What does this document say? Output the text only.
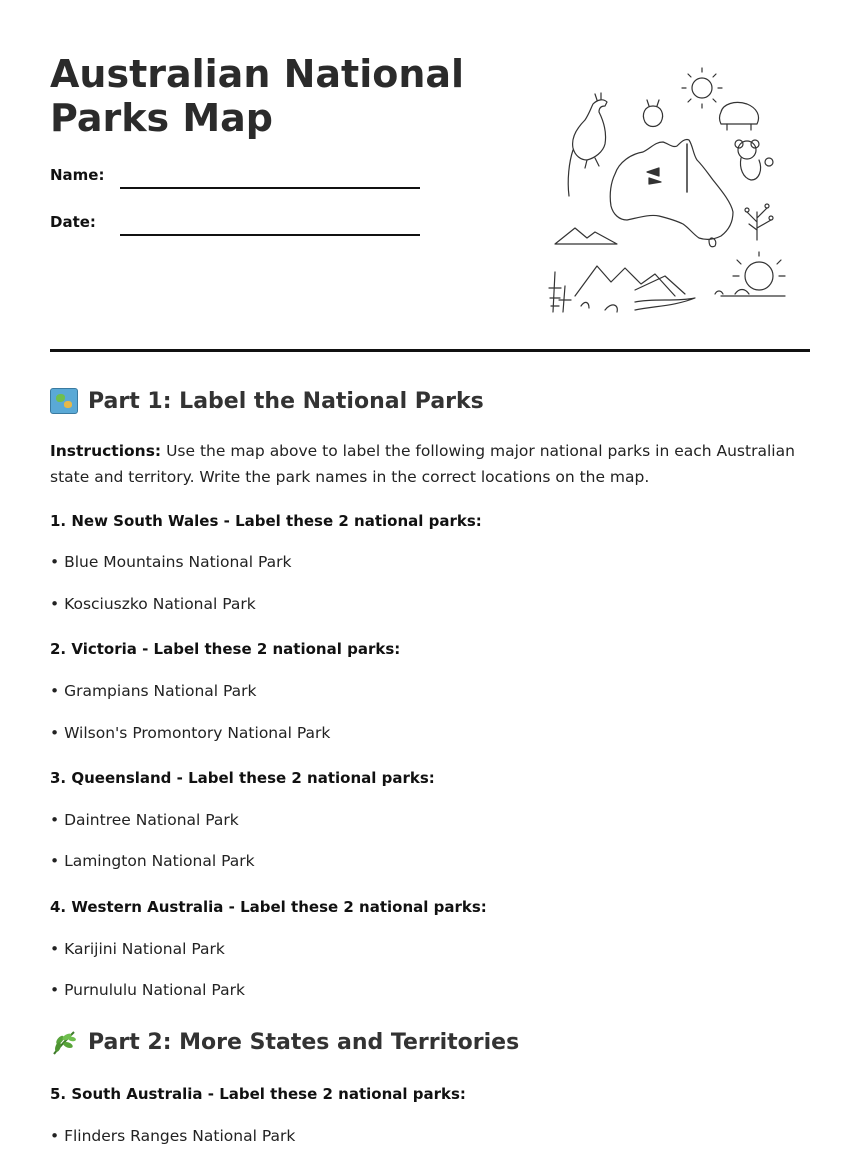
Australian National Parks Map
Name:
Date:
Part 1: Label the National Parks
Instructions: Use the map above to label the following major national parks in each Australian state and territory. Write the park names in the correct locations on the map.
1. New South Wales - Label these 2 national parks:
• Blue Mountains National Park
• Kosciuszko National Park
2. Victoria - Label these 2 national parks:
• Grampians National Park
• Wilson's Promontory National Park
3. Queensland - Label these 2 national parks:
• Daintree National Park
• Lamington National Park
4. Western Australia - Label these 2 national parks:
• Karijini National Park
• Purnululu National Park
Part 2: More States and Territories
5. South Australia - Label these 2 national parks:
• Flinders Ranges National Park
